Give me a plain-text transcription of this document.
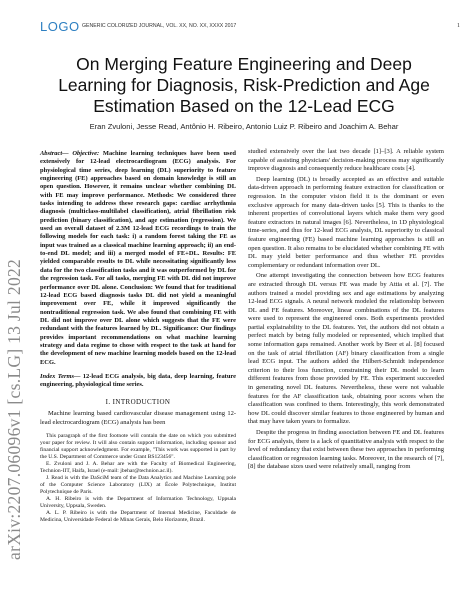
LOGO GENERIC COLORIZED JOURNAL, VOL. XX, NO. XX, XXXX 2017	1
arXiv:2207.06096v1 [cs.LG] 13 Jul 2022
On Merging Feature Engineering and Deep Learning for Diagnosis, Risk-Prediction and Age Estimation Based on the 12-Lead ECG
Eran Zvuloni, Jesse Read, Antônio H. Ribeiro, Antonio Luiz P. Ribeiro and Joachim A. Behar
Abstract— Objective: Machine learning techniques have been used extensively for 12-lead electrocardiogram (ECG) analysis. For physiological time series, deep learning (DL) superiority to feature engineering (FE) approaches based on domain knowledge is still an open question. However, it remains unclear whether combining DL with FE may improve performance. Methods: We considered three tasks intending to address these research gaps: cardiac arrhythmia diagnosis (multiclass-multilabel classification), atrial fibrillation risk prediction (binary classification), and age estimation (regression). We used an overall dataset of 2.3M 12-lead ECG recordings to train the following models for each task: i) a random forest taking the FE as input was trained as a classical machine learning approach; ii) an end-to-end DL model; and iii) a merged model of FE+DL. Results: FE yielded comparable results to DL while necessitating significantly less data for the two classification tasks and it was outperformed by DL for the regression task. For all tasks, merging FE with DL did not improve performance over DL alone. Conclusion: We found that for traditional 12-lead ECG based diagnosis tasks DL did not yield a meaningful improvement over FE, while it improved significantly the nontraditional regression task. We also found that combining FE with DL did not improve over DL alone which suggests that the FE were redundant with the features learned by DL. Significance: Our findings provides important recommendations on what machine learning strategy and data regime to chose with respect to the task at hand for the development of new machine learning models based on the 12-lead ECG.
Index Terms— 12-lead ECG analysis, big data, deep learning, feature engineering, physiological time series.
I. INTRODUCTION

Machine learning based cardiovascular disease management using 12-lead electrocardiogram (ECG) analysis has been

This paragraph of the first footnote will contain the date on which you submitted your paper for review. It will also contain support information, including sponsor and financial support acknowledgment. For example, "This work was supported in part by the U.S. Department of Commerce under Grant BS123456".

E. Zvuloni and J. A. Behar are with the Faculty of Biomedical Engineering, Technion-IIT, Haifa, Israel (e-mail: jbehar@technion.ac.il).

J. Read is with the DaSciM team of the Data Analytics and Machine Learning pole of the Computer Science Laboratory (LIX) at École Polytechnique, Institut Polytechnique de Paris.

A. H. Ribeiro is with the Department of Information Technology, Uppsala University, Uppsala, Sweden.

A. L. P. Ribeiro is with the Department of Internal Medicine, Faculdade de Medicina, Universidade Federal de Minas Gerais, Belo Horizonte, Brazil.

studied extensively over the last two decade [1]–[3]. A reliable system capable of assisting physicians' decision-making process may significantly improve diagnosis and consequently reduce healthcare costs [4].

Deep learning (DL) is broadly accepted as an effective and suitable data-driven approach in performing feature extraction for classification or regression. In the computer vision field it is the dominant or even exclusive approach for many data-driven tasks [5]. This is thanks to the inherent properties of convolutional layers which make them very good feature extractors in natural images [6]. Nevertheless, in 1D physiological time-series, and thus for 12-lead ECG analysis, DL superiority to classical feature engineering (FE) based machine learning approaches is still an open question. It also remains to be elucidated whether combining FE with DL may yield better performance and thus whether FE provides complementary or redundant information over DL.

One attempt investigating the connection between how ECG features are extracted through DL versus FE was made by Attia et al. [7]. The authors trained a model providing sex and age estimations by analyzing 12-lead ECG signals. A neural network modeled the relationship between DL and FE features. Moreover, linear combinations of the DL features were used to represent the engineered ones. Both experiments provided partial explainability to the DL features. Yet, the authors did not obtain a perfect match by being fully modeled or represented, which implied that some information gaps remained. Another work by Beer et al. [8] focused on the task of atrial fibrillation (AF) binary classification from a single lead ECG input. The authors added the Hilbert-Schmidt independence criterion to their loss function, constraining their DL model to learn different features from those provided by FE. This experiment succeeded in generating novel DL features. Nevertheless, these were not valuable features for the AF classification task, obtaining poor scores when the classification was confined to them. Interestingly, this work demonstrated how DL could discover similar features to those engineered by human and that may have taken years to formalize.

Despite the progress in finding association between FE and DL features for ECG analysis, there is a lack of quantitative analysis with respect to the level of redundancy that exist between these two approaches in performing classification or regression learning tasks. Moreover, in the research of [7], [8] the database sizes used were relatively small, ranging from
